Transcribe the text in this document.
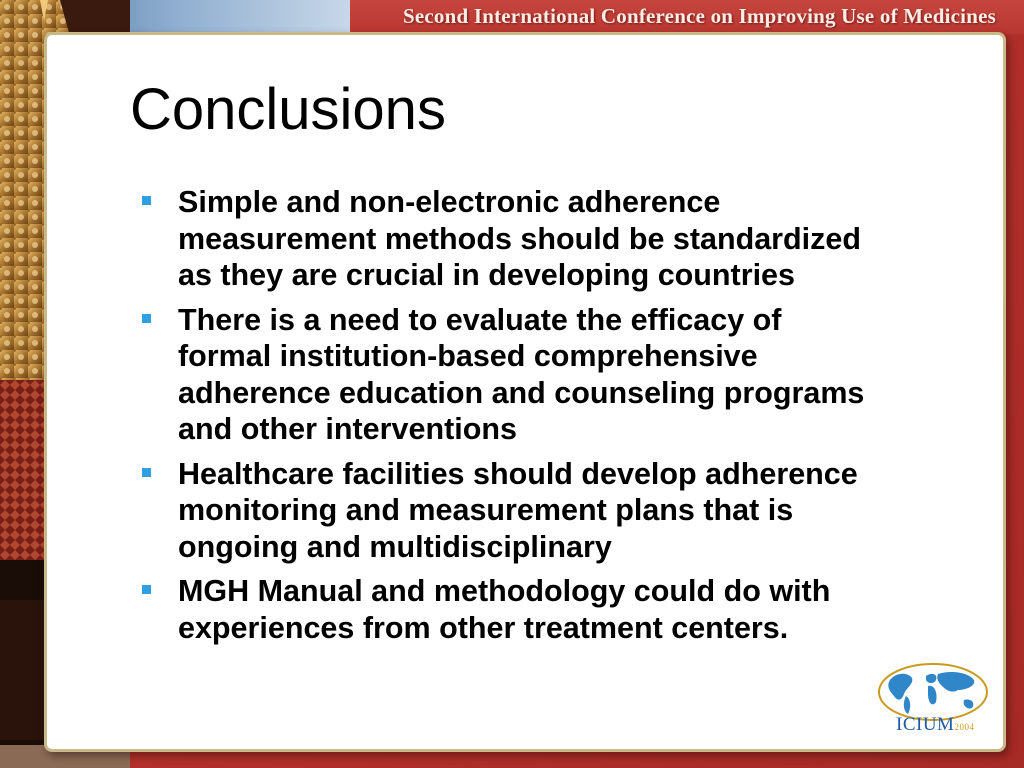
Second International Conference on Improving Use of Medicines
Conclusions
Simple and non-electronic adherence
measurement methods should be standardized
as they are crucial in developing countries
There is a need to evaluate the efficacy of
formal institution-based comprehensive
adherence education and counseling programs
and other interventions
Healthcare facilities should develop adherence
monitoring and measurement plans that is
ongoing and multidisciplinary
MGH Manual and methodology could do with
experiences from other treatment centers.
ICIUM2004
